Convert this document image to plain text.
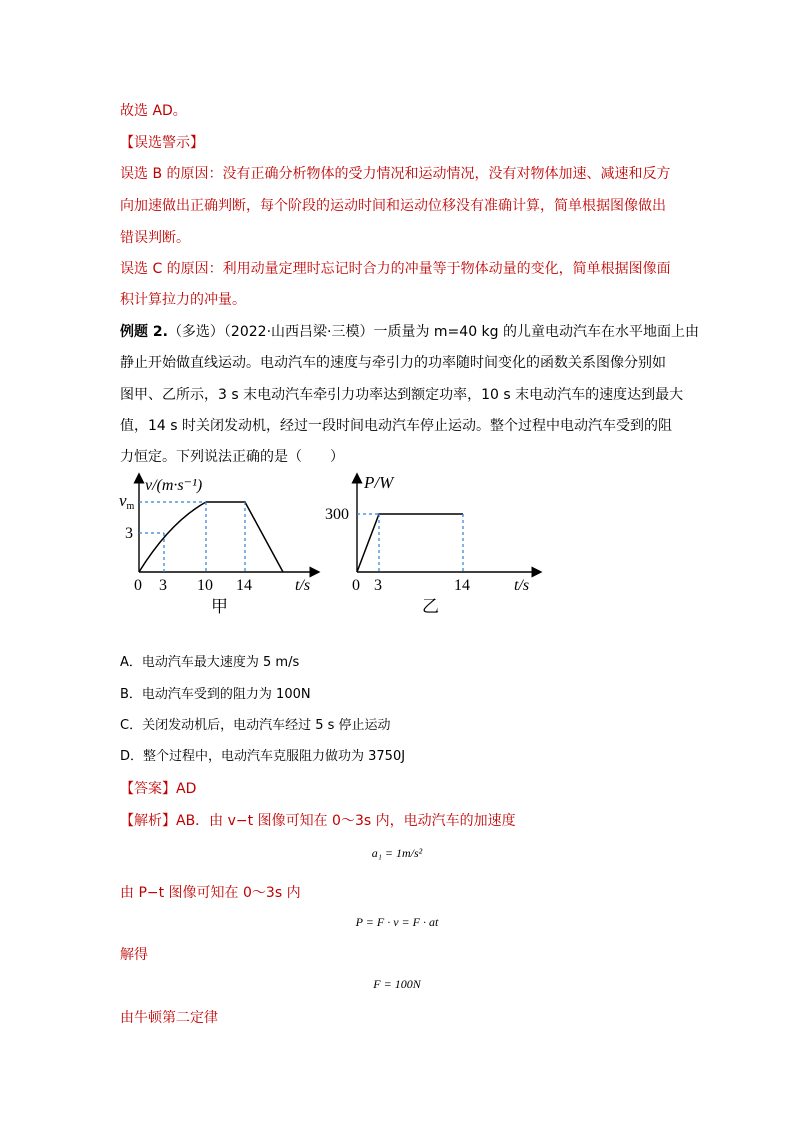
故选 AD。
【误选警示】
误选 B 的原因：没有正确分析物体的受力情况和运动情况，没有对物体加速、减速和反方
向加速做出正确判断，每个阶段的运动时间和运动位移没有准确计算，简单根据图像做出
错误判断。
误选 C 的原因：利用动量定理时忘记时合力的冲量等于物体动量的变化，简单根据图像面
积计算拉力的冲量。
例题 2.（多选）（2022·山西吕梁·三模）一质量为 m=40 kg 的儿童电动汽车在水平地面上由
静止开始做直线运动。电动汽车的速度与牵引力的功率随时间变化的函数关系图像分别如
图甲、乙所示，3 s 末电动汽车牵引力功率达到额定功率，10 s 末电动汽车的速度达到最大
值，14 s 时关闭发动机，经过一段时间电动汽车停止运动。整个过程中电动汽车受到的阻
力恒定。下列说法正确的是（　　）
v/(m·s⁻¹)
vm
3
0 3 10 14	t/s
甲
P/W
300
0 3	14	t/s
乙
A．电动汽车最大速度为 5 m/s
B．电动汽车受到的阻力为 100N
C．关闭发动机后，电动汽车经过 5 s 停止运动
D．整个过程中，电动汽车克服阻力做功为 3750J
【答案】AD
【解析】AB．由 v−t 图像可知在 0～3s 内，电动汽车的加速度
a₁ = 1m/s²
由 P−t 图像可知在 0～3s 内
P = F · v = F · at
解得
F = 100N
由牛顿第二定律
